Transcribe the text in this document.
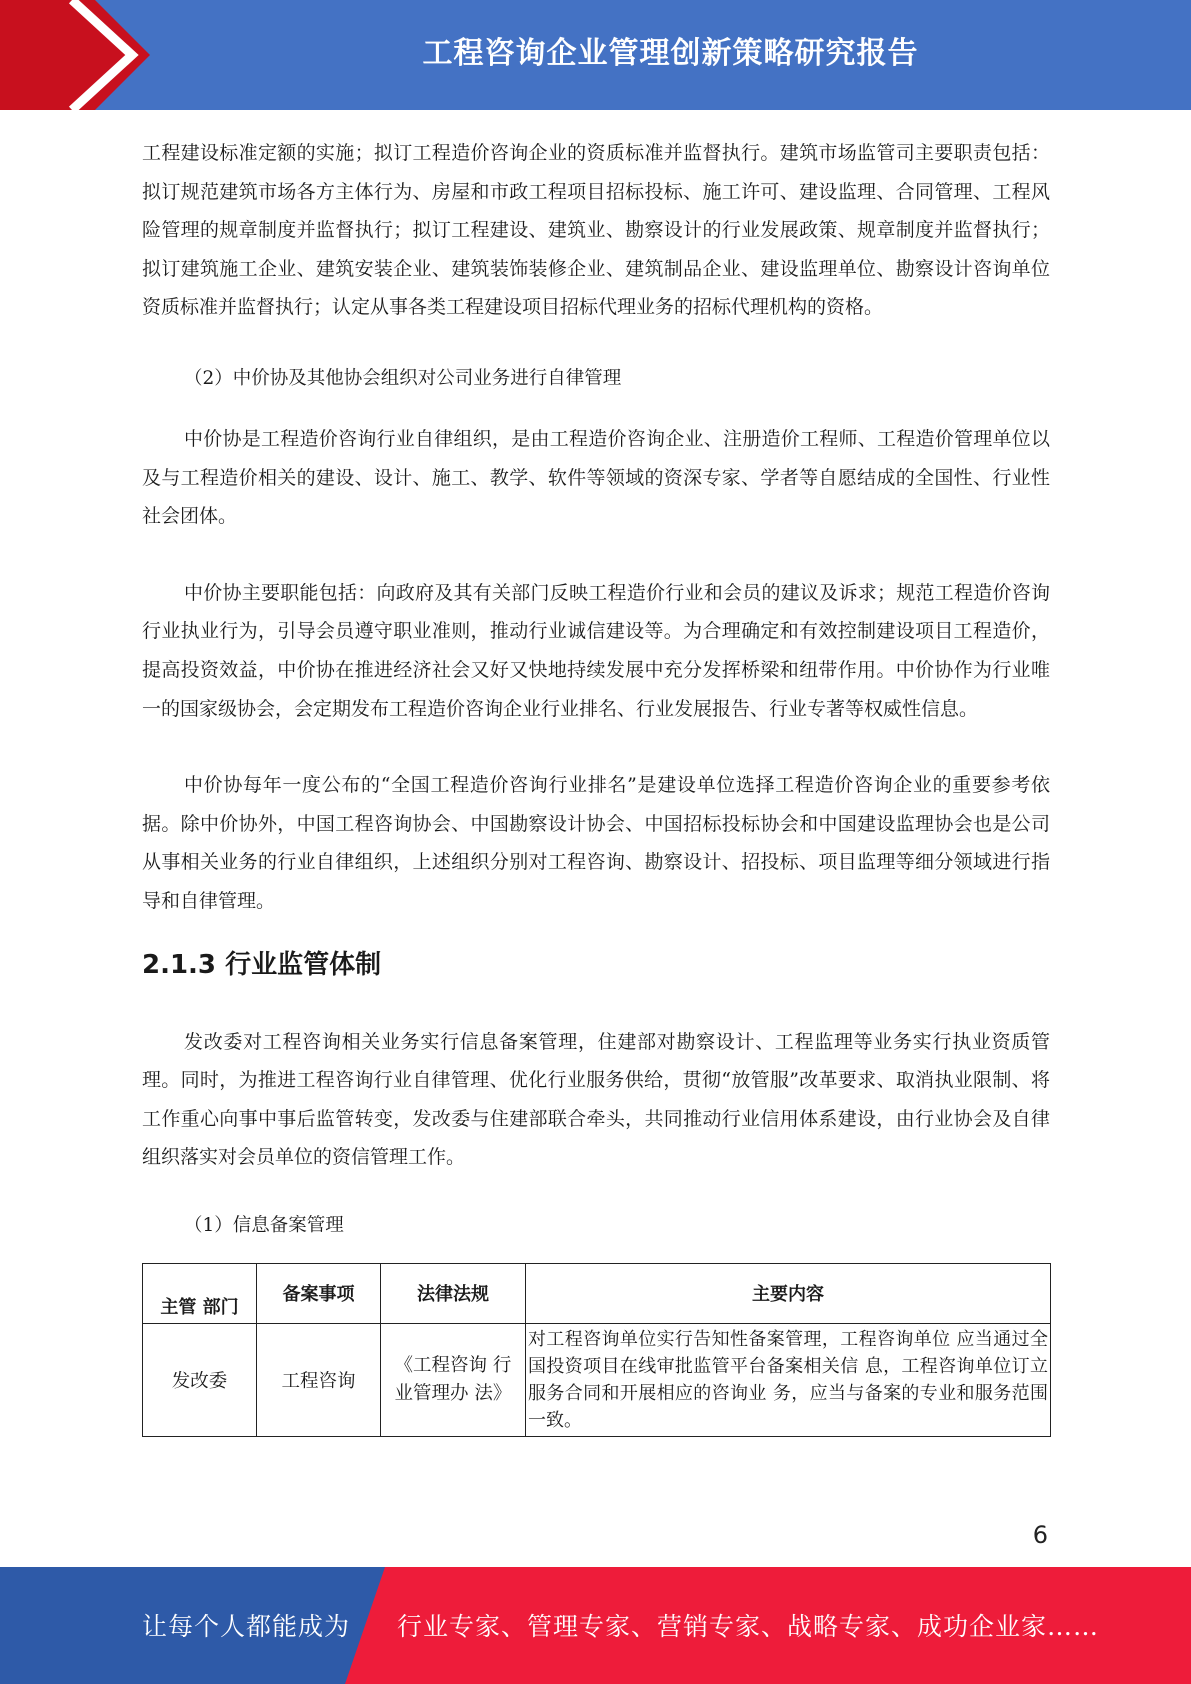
工程咨询企业管理创新策略研究报告

工程建设标准定额的实施；拟订工程造价咨询企业的资质标准并监督执行。建筑市场监管司主要职责包括：拟订规范建筑市场各方主体行为、房屋和市政工程项目招标投标、施工许可、建设监理、合同管理、工程风险管理的规章制度并监督执行；拟订工程建设、建筑业、勘察设计的行业发展政策、规章制度并监督执行；拟订建筑施工企业、建筑安装企业、建筑装饰装修企业、建筑制品企业、建设监理单位、勘察设计咨询单位资质标准并监督执行；认定从事各类工程建设项目招标代理业务的招标代理机构的资格。

（2）中价协及其他协会组织对公司业务进行自律管理

中价协是工程造价咨询行业自律组织，是由工程造价咨询企业、注册造价工程师、工程造价管理单位以及与工程造价相关的建设、设计、施工、教学、软件等领域的资深专家、学者等自愿结成的全国性、行业性社会团体。

中价协主要职能包括：向政府及其有关部门反映工程造价行业和会员的建议及诉求；规范工程造价咨询行业执业行为，引导会员遵守职业准则，推动行业诚信建设等。为合理确定和有效控制建设项目工程造价，提高投资效益，中价协在推进经济社会又好又快地持续发展中充分发挥桥梁和纽带作用。中价协作为行业唯一的国家级协会，会定期发布工程造价咨询企业行业排名、行业发展报告、行业专著等权威性信息。

中价协每年一度公布的“全国工程造价咨询行业排名”是建设单位选择工程造价咨询企业的重要参考依据。除中价协外，中国工程咨询协会、中国勘察设计协会、中国招标投标协会和中国建设监理协会也是公司从事相关业务的行业自律组织，上述组织分别对工程咨询、勘察设计、招投标、项目监理等细分领域进行指导和自律管理。

2.1.3 行业监管体制

发改委对工程咨询相关业务实行信息备案管理，住建部对勘察设计、工程监理等业务实行执业资质管理。同时，为推进工程咨询行业自律管理、优化行业服务供给，贯彻“放管服”改革要求、取消执业限制、将工作重心向事中事后监管转变，发改委与住建部联合牵头，共同推动行业信用体系建设，由行业协会及自律组织落实对会员单位的资信管理工作。

（1）信息备案管理

主管 部门	备案事项	法律法规	主要内容
发改委	工程咨询	《工程咨询 行业管理办 法》	对工程咨询单位实行告知性备案管理，工程咨询单位 应当通过全国投资项目在线审批监管平台备案相关信 息，工程咨询单位订立服务合同和开展相应的咨询业 务，应当与备案的专业和服务范围一致。
6
让每个人都能成为 行业专家、管理专家、营销专家、战略专家、成功企业家……
